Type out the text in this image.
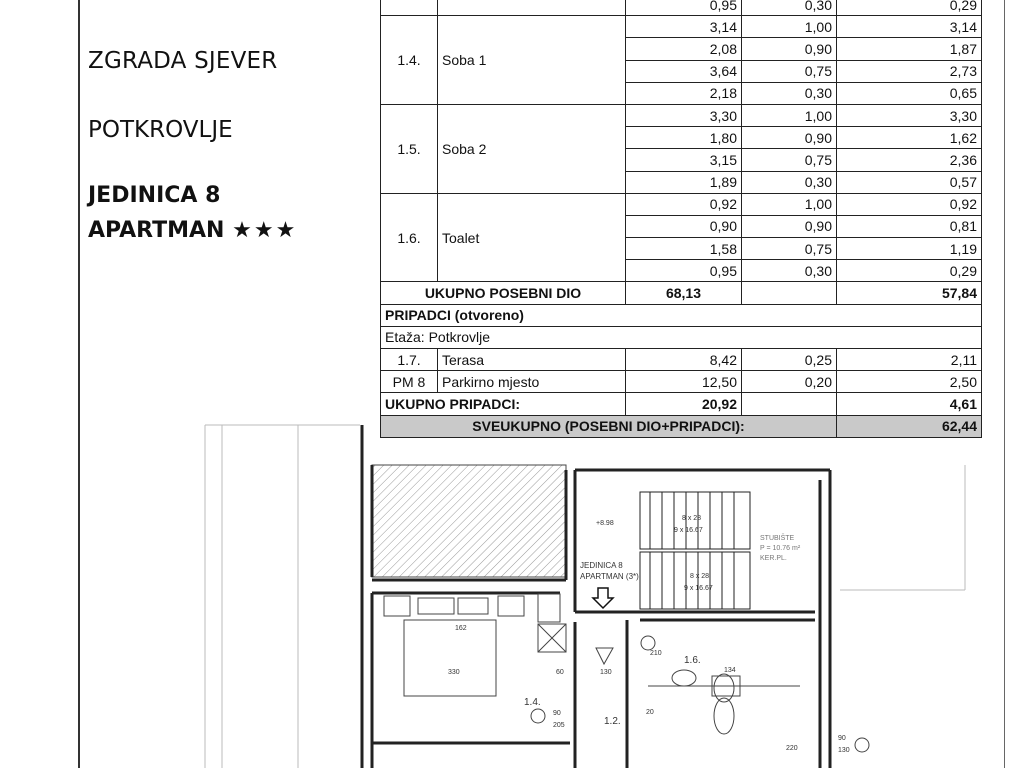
ZGRADA SJEVER
POTKROVLJE
JEDINICA 8
APARTMAN ★★★
		0,95	0,30	0,29
1.4.	Soba 1	3,14	1,00	3,14
		2,08	0,90	1,87
		3,64	0,75	2,73
		2,18	0,30	0,65
1.5.	Soba 2	3,30	1,00	3,30
		1,80	0,90	1,62
		3,15	0,75	2,36
		1,89	0,30	0,57
1.6.	Toalet	0,92	1,00	0,92
		0,90	0,90	0,81
		1,58	0,75	1,19
		0,95	0,30	0,29
UKUPNO POSEBNI DIO		68,13		57,84
PRIPADCI (otvoreno)				
Etaža: Potkrovlje				
1.7.	Terasa	8,42	0,25	2,11
PM 8	Parkirno mjesto	12,50	0,20	2,50
UKUPNO PRIPADCI:		20,92		4,61
SVEUKUPNO (POSEBNI DIO+PRIPADCI):				62,44
JEDINICA 8
APARTMAN (3*)
STUBIŠTE
P = 10.76 m²
KER.PL.
8 x 28
9 x 16.67
8 x 28
9 x 16.67
+8.98
1.4.
1.6.
1.2.
162
330	60	130
90
205
210
134
20
220
90
130
